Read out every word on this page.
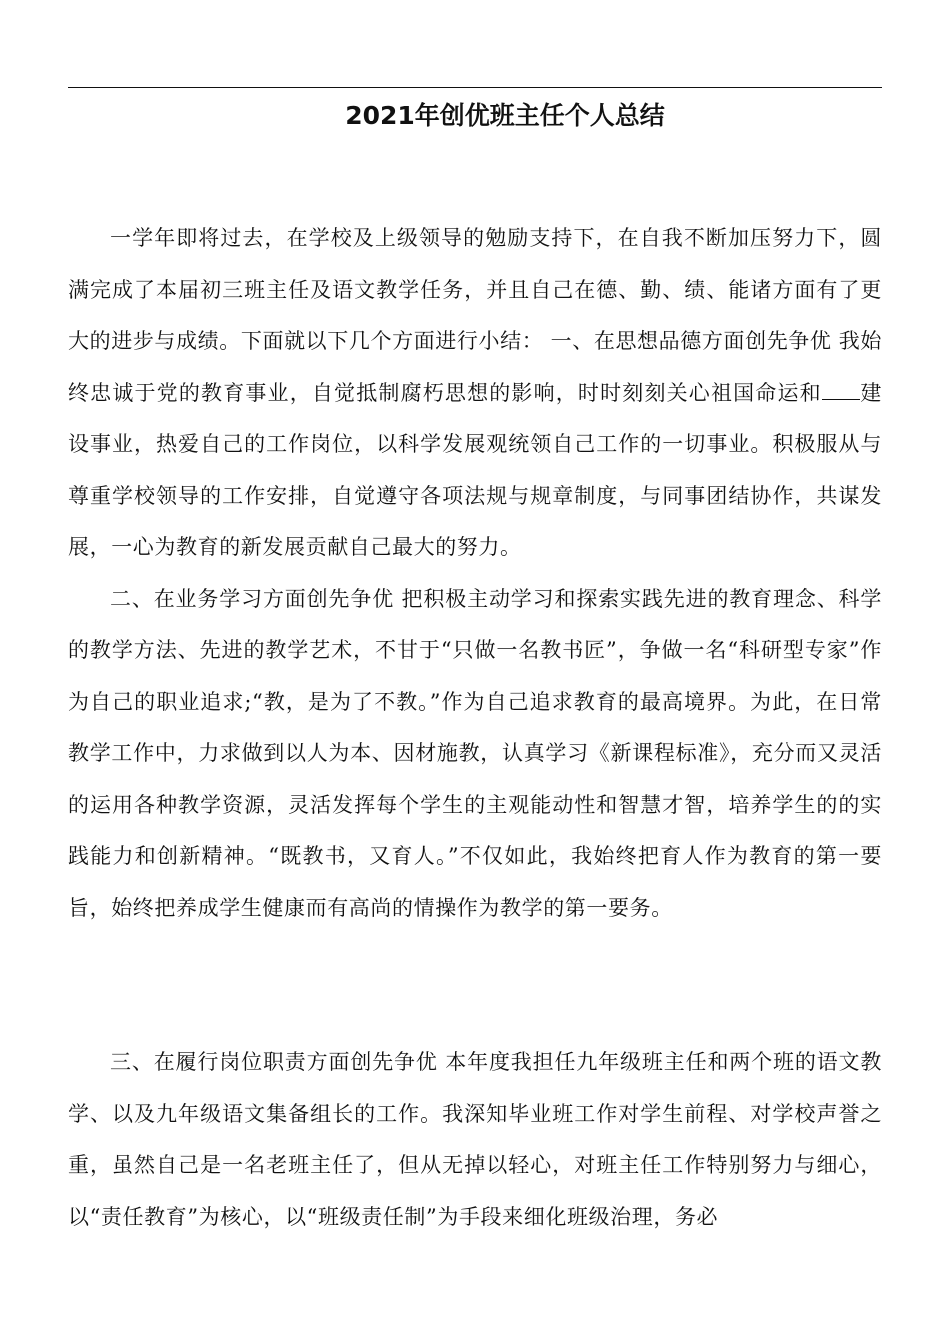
2021年创优班主任个人总结

一学年即将过去，在学校及上级领导的勉励支持下，在自我不断加压努力下，圆满完成了本届初三班主任及语文教学任务，并且自己在德、勤、绩、能诸方面有了更大的进步与成绩。下面就以下几个方面进行小结： 一、在思想品德方面创先争优 我始终忠诚于党的教育事业，自觉抵制腐朽思想的影响，时时刻刻关心祖国命运和 建设事业，热爱自己的工作岗位，以科学发展观统领自己工作的一切事业。积极服从与尊重学校领导的工作安排，自觉遵守各项法规与规章制度，与同事团结协作，共谋发展，一心为教育的新发展贡献自己最大的努力。

二、在业务学习方面创先争优 把积极主动学习和探索实践先进的教育理念、科学的教学方法、先进的教学艺术，不甘于“只做一名教书匠”，争做一名“科研型专家”作为自己的职业追求;“教，是为了不教。”作为自己追求教育的最高境界。为此，在日常教学工作中，力求做到以人为本、因材施教，认真学习《新课程标准》，充分而又灵活的运用各种教学资源，灵活发挥每个学生的主观能动性和智慧才智，培养学生的的实践能力和创新精神。“既教书，又育人。”不仅如此，我始终把育人作为教育的第一要旨，始终把养成学生健康而有高尚的情操作为教学的第一要务。

三、在履行岗位职责方面创先争优 本年度我担任九年级班主任和两个班的语文教学、以及九年级语文集备组长的工作。我深知毕业班工作对学生前程、对学校声誉之重，虽然自己是一名老班主任了，但从无掉以轻心，对班主任工作特别努力与细心，以“责任教育”为核心，以“班级责任制”为手段来细化班级治理，务必
